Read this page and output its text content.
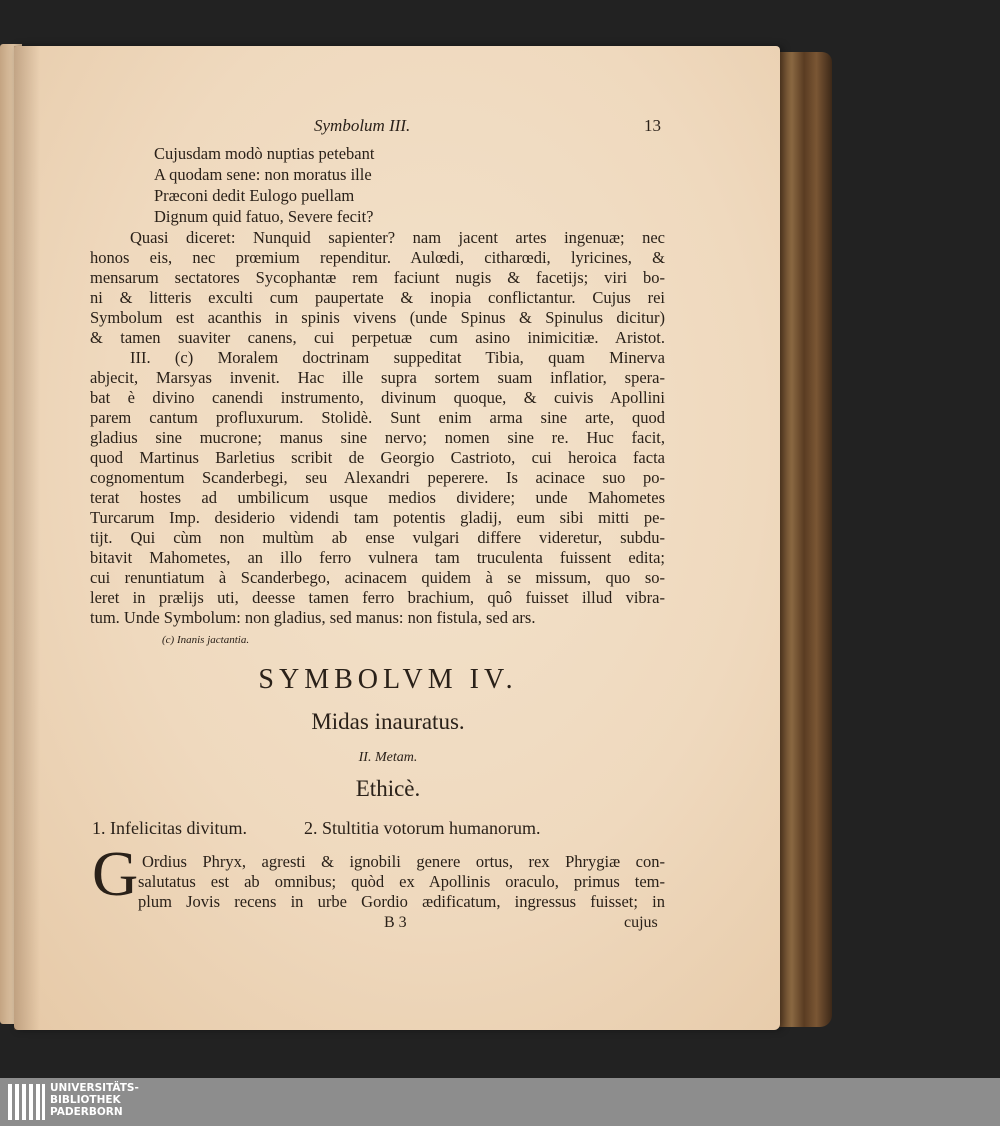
Symbolum III.	13
Cujusdam modò nuptias petebant
A quodam sene: non moratus ille
Præconi dedit Eulogo puellam
Dignum quid fatuo, Severe fecit?
Quasi diceret: Nunquid sapienter? nam jacent artes ingenuæ; nec
honos eis, nec prœmium rependitur. Aulœdi, citharœdi, lyricines, &
mensarum sectatores Sycophantæ rem faciunt nugis & facetijs; viri bo-
ni & litteris exculti cum paupertate & inopia conflictantur. Cujus rei
Symbolum est acanthis in spinis vivens (unde Spinus & Spinulus dicitur)
& tamen suaviter canens, cui perpetuæ cum asino inimicitiæ. Aristot.
III. (c) Moralem doctrinam suppeditat Tibia, quam Minerva
abjecit, Marsyas invenit. Hac ille supra sortem suam inflatior, spera-
bat è divino canendi instrumento, divinum quoque, & cuivis Apollini
parem cantum profluxurum. Stolidè. Sunt enim arma sine arte, quod
gladius sine mucrone; manus sine nervo; nomen sine re. Huc facit,
quod Martinus Barletius scribit de Georgio Castrioto, cui heroica facta
cognomentum Scanderbegi, seu Alexandri peperere. Is acinace suo po-
terat hostes ad umbilicum usque medios dividere; unde Mahometes
Turcarum Imp. desiderio videndi tam potentis gladij, eum sibi mitti pe-
tijt. Qui cùm non multùm ab ense vulgari differe videretur, subdu-
bitavit Mahometes, an illo ferro vulnera tam truculenta fuissent edita;
cui renuntiatum à Scanderbego, acinacem quidem à se missum, quo so-
leret in prælijs uti, deesse tamen ferro brachium, quô fuisset illud vibra-
tum. Unde Symbolum: non gladius, sed manus: non fistula, sed ars.
(c) Inanis jactantia.
SYMBOLVM IV.
Midas inauratus.
II. Metam.
Ethicè.
1. Infelicitas divitum.	2. Stultitia votorum humanorum.
G Ordius Phryx, agresti & ignobili genere ortus, rex Phrygiæ con-
salutatus est ab omnibus; quòd ex Apollinis oraculo, primus tem-
plum Jovis recens in urbe Gordio ædificatum, ingressus fuisset; in
B 3	cujus
UNIVERSITÄTS-
BIBLIOTHEK
PADERBORN
